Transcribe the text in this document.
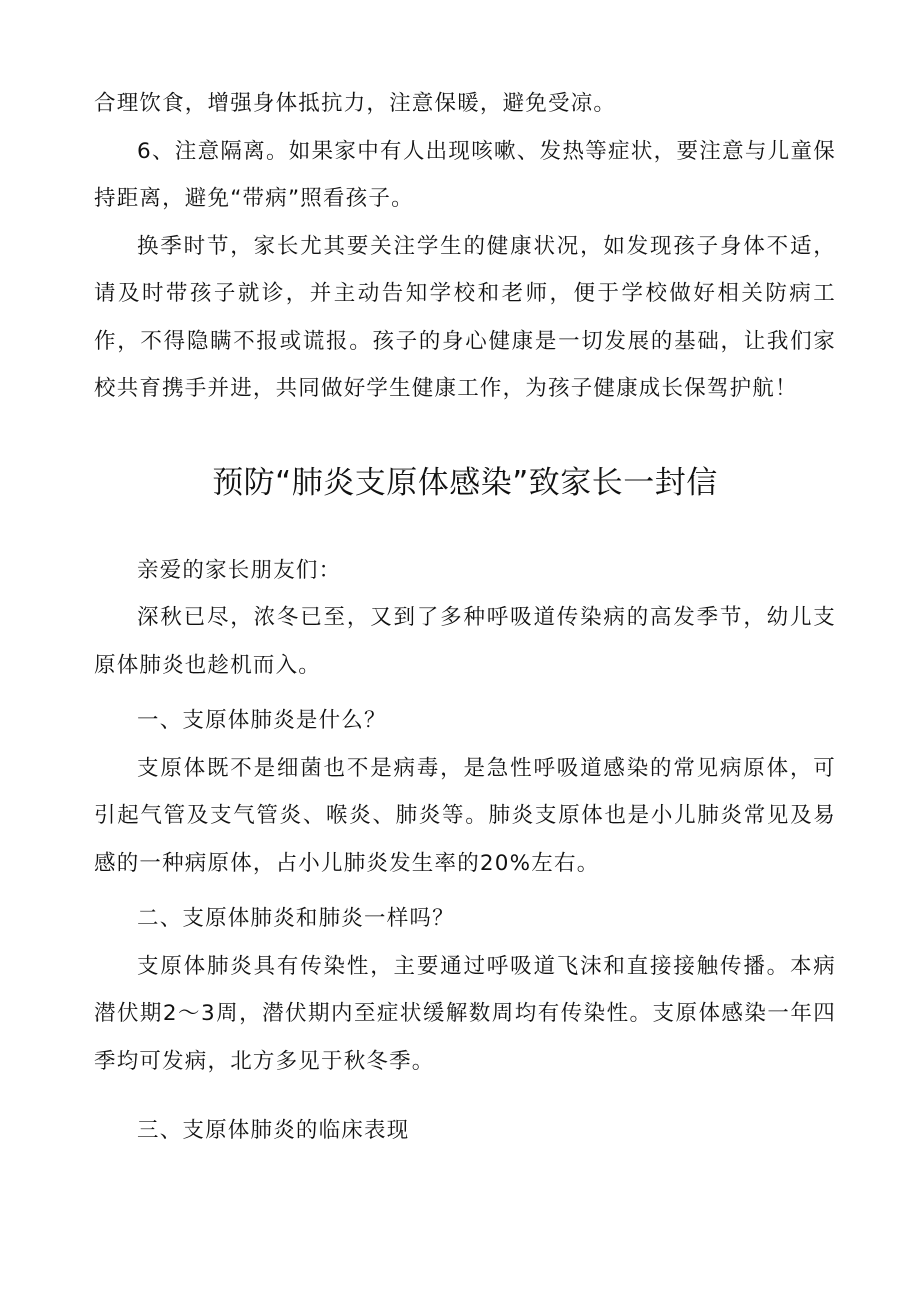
合理饮食，增强身体抵抗力，注意保暖，避免受凉。

6、注意隔离。如果家中有人出现咳嗽、发热等症状，要注意与儿童保持距离，避免“带病”照看孩子。

换季时节，家长尤其要关注学生的健康状况，如发现孩子身体不适，请及时带孩子就诊，并主动告知学校和老师，便于学校做好相关防病工作，不得隐瞒不报或谎报。孩子的身心健康是一切发展的基础，让我们家校共育携手并进，共同做好学生健康工作，为孩子健康成长保驾护航！

预防“肺炎支原体感染”致家长一封信

亲爱的家长朋友们：

深秋已尽，浓冬已至，又到了多种呼吸道传染病的高发季节，幼儿支原体肺炎也趁机而入。

一、支原体肺炎是什么？

支原体既不是细菌也不是病毒，是急性呼吸道感染的常见病原体，可引起气管及支气管炎、喉炎、肺炎等。肺炎支原体也是小儿肺炎常见及易感的一种病原体，占小儿肺炎发生率的20%左右。

二、支原体肺炎和肺炎一样吗？

支原体肺炎具有传染性，主要通过呼吸道飞沫和直接接触传播。本病潜伏期2～3周，潜伏期内至症状缓解数周均有传染性。支原体感染一年四季均可发病，北方多见于秋冬季。

三、支原体肺炎的临床表现
